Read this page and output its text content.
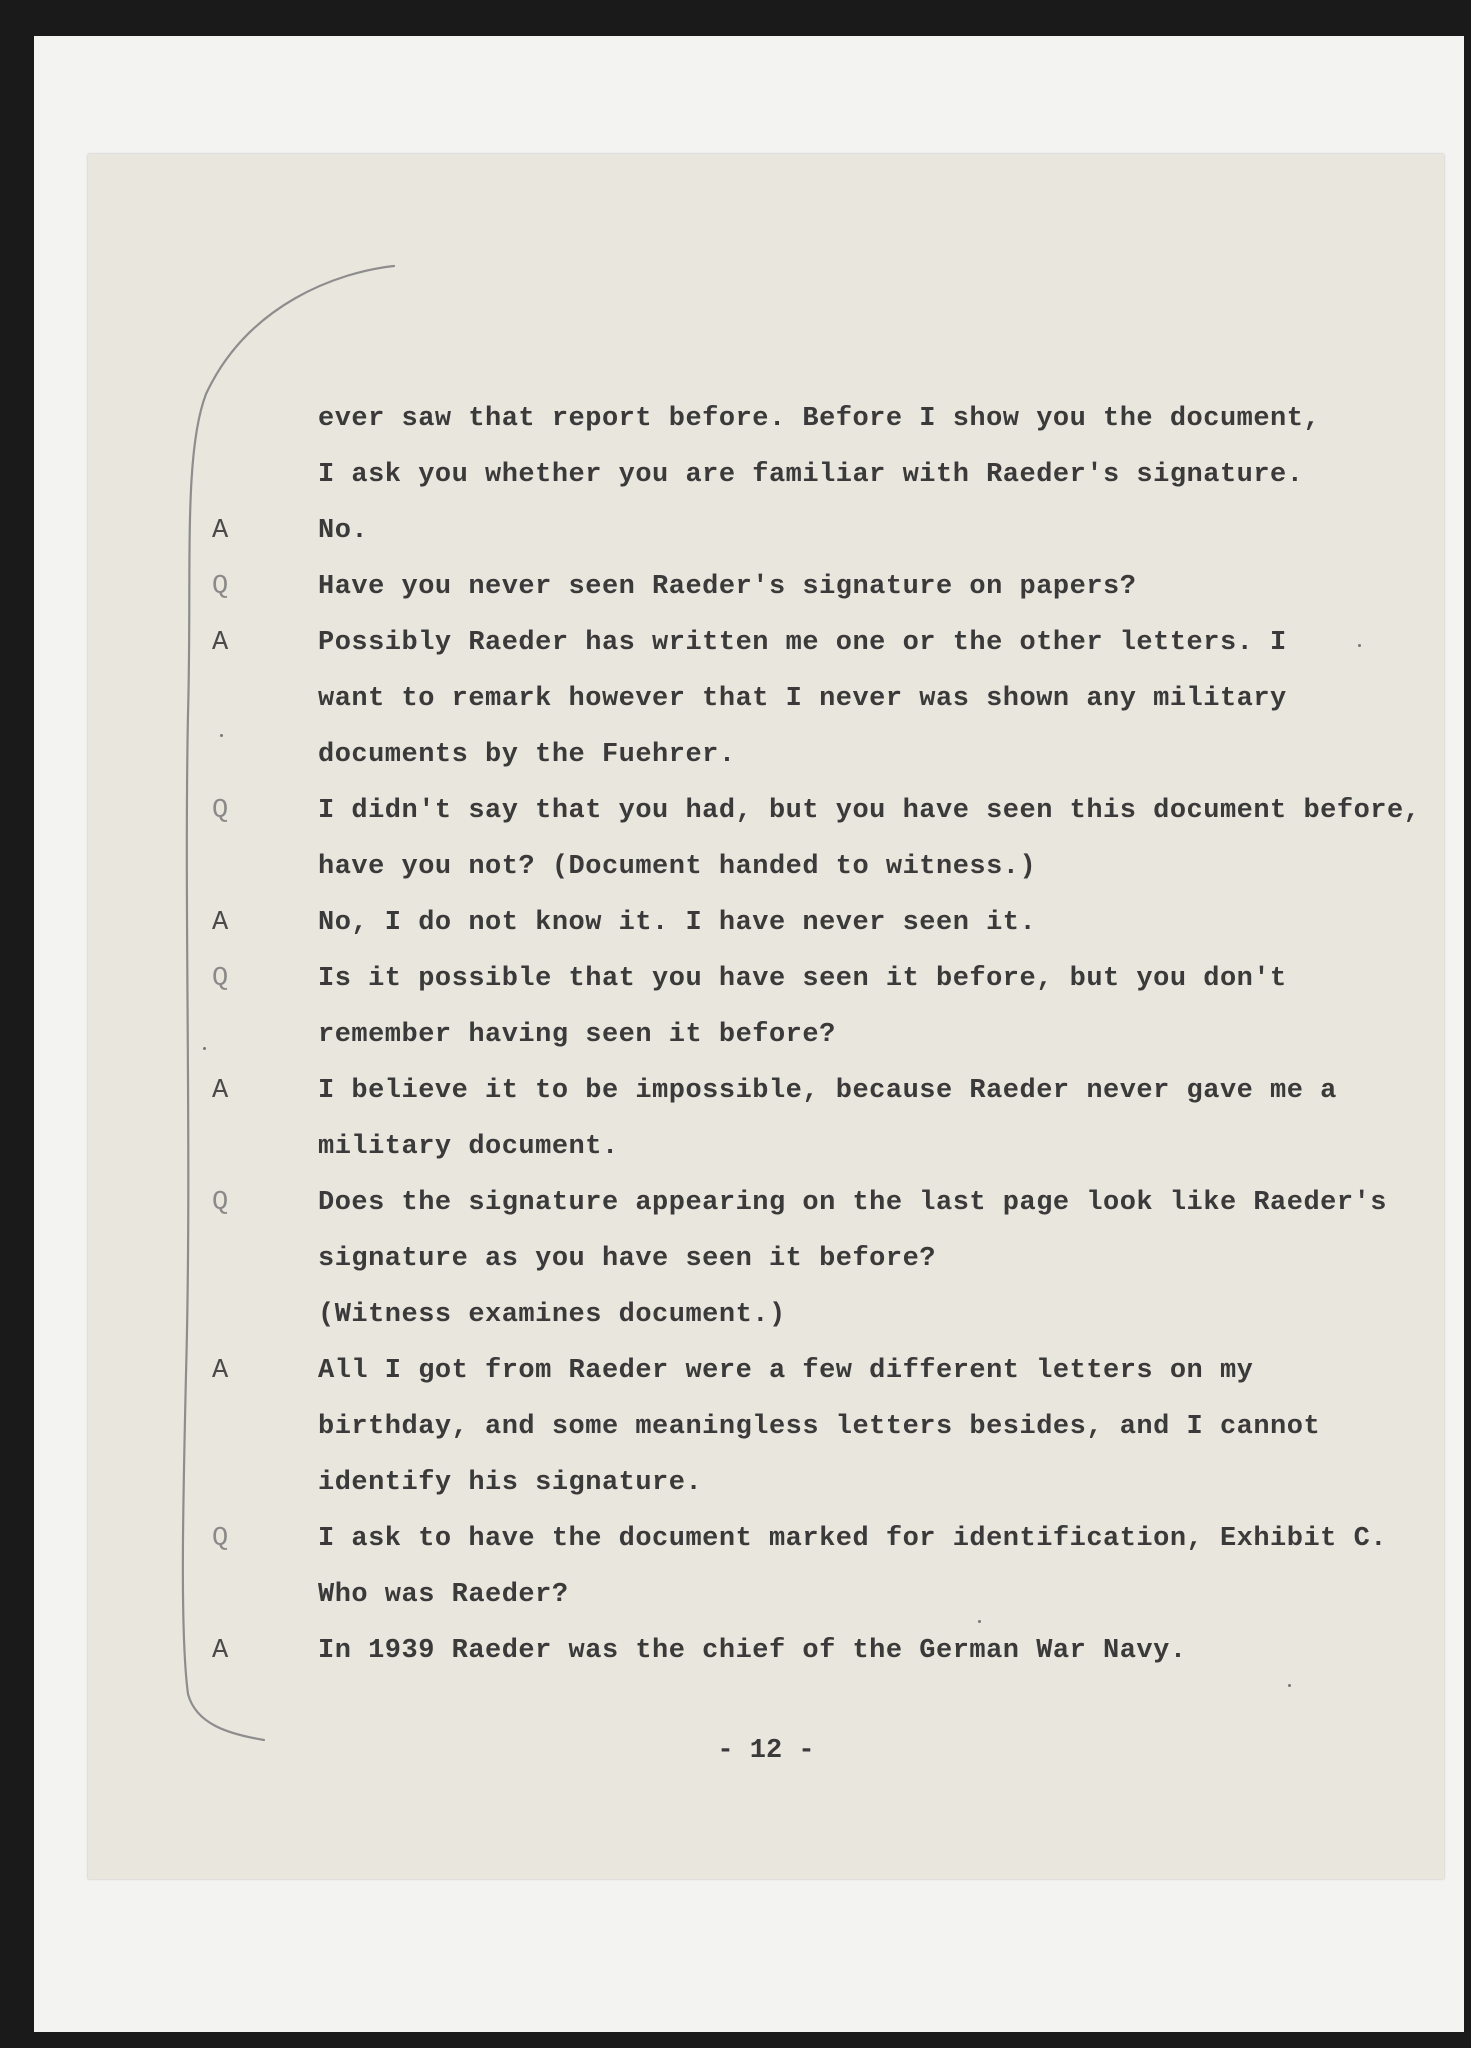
ever saw that report before. Before I show you the document,
I ask you whether you are familiar with Raeder's signature.
A	No.
Q	Have you never seen Raeder's signature on papers?
A	Possibly Raeder has written me one or the other letters. I
want to remark however that I never was shown any military
documents by the Fuehrer.
Q	I didn't say that you had, but you have seen this document before,
have you not? (Document handed to witness.)
A	No, I do not know it. I have never seen it.
Q	Is it possible that you have seen it before, but you don't
remember having seen it before?
A	I believe it to be impossible, because Raeder never gave me a
military document.
Q	Does the signature appearing on the last page look like Raeder's
signature as you have seen it before?
(Witness examines document.)
A	All I got from Raeder were a few different letters on my
birthday, and some meaningless letters besides, and I cannot
identify his signature.
Q	I ask to have the document marked for identification, Exhibit C.
Who was Raeder?
A	In 1939 Raeder was the chief of the German War Navy.
- 12 -
